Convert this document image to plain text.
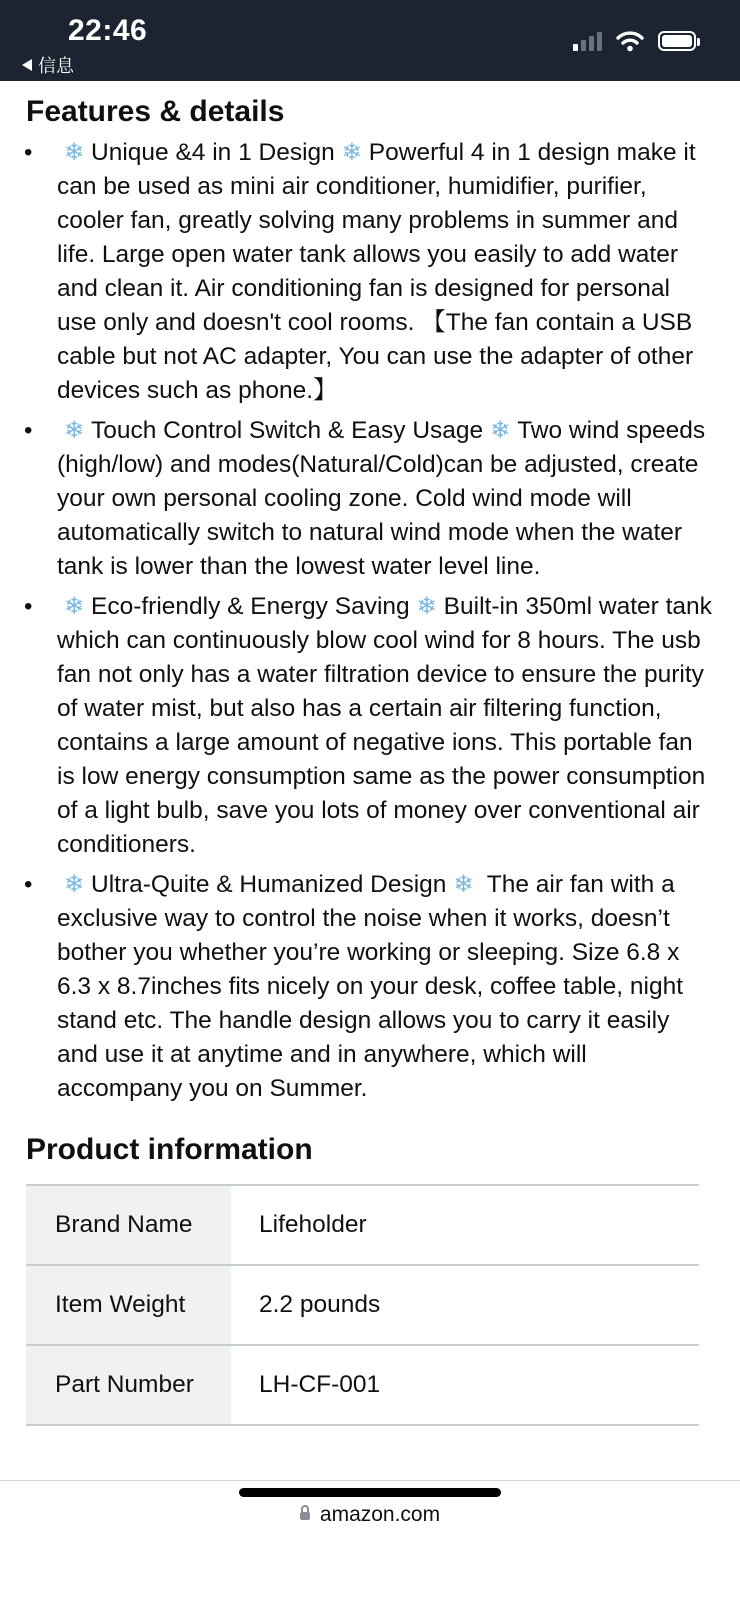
22:46
信息
Features & details
• ❄ Unique &4 in 1 Design ❄ Powerful 4 in 1 design make it can be used as mini air conditioner, humidifier, purifier, cooler fan, greatly solving many problems in summer and life. Large open water tank allows you easily to add water and clean it. Air conditioning fan is designed for personal use only and doesn't cool rooms. 【The fan contain a USB cable but not AC adapter, You can use the adapter of other devices such as phone.】
• ❄ Touch Control Switch & Easy Usage ❄ Two wind speeds (high/low) and modes(Natural/Cold)can be adjusted, create your own personal cooling zone. Cold wind mode will automatically switch to natural wind mode when the water tank is lower than the lowest water level line.
• ❄ Eco-friendly & Energy Saving ❄ Built-in 350ml water tank which can continuously blow cool wind for 8 hours. The usb fan not only has a water filtration device to ensure the purity of water mist, but also has a certain air filtering function, contains a large amount of negative ions. This portable fan is low energy consumption same as the power consumption of a light bulb, save you lots of money over conventional air conditioners.
• ❄ Ultra-Quite & Humanized Design ❄ The air fan with a exclusive way to control the noise when it works, doesn’t bother you whether you’re working or sleeping. Size 6.8 x 6.3 x 8.7inches fits nicely on your desk, coffee table, night stand etc. The handle design allows you to carry it easily and use it at anytime and in anywhere, which will accompany you on Summer.
Product information
Brand Name	Lifeholder
Item Weight	2.2 pounds
Part Number	LH-CF-001
amazon.com
